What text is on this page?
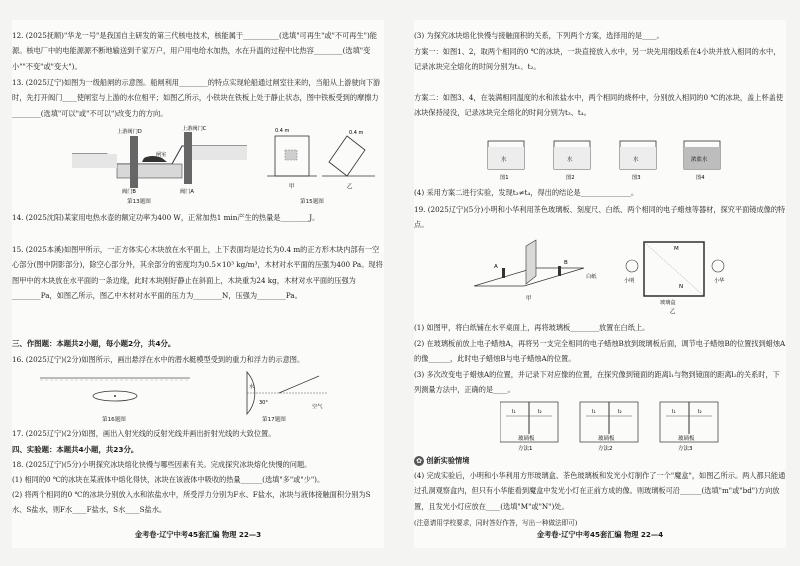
12. (2025抚顺)"华龙一号"是我国自主研发的第三代核电技术，核能属于__________(选填"可再生"或"不可再生")能源。核电厂中的电能源源不断地输送到千家万户，用户用电给水加热，水在升温的过程中比热容________(选填"变小""不变"或"变大")。
13. (2025辽宁)如图为一级船闸的示意图。船闸利用________的特点实现轮船通过闸室往来的，当船从上游驶向下游时，先打开阀门____使闸室与上游的水位相平；如图乙所示，小铁块在铁板上处于静止状态，图中铁板受到的摩擦力________(选填"可以"或"不可以")改变力的方向。
上游阀门D	上游阀门C
闸室
阀门B	阀门A
第13题图
0.4 m
甲
0.4 m
乙
第15题图
14. (2025沈阳)某家用电热水壶的额定功率为400 W，正常加热1 min产生的热量是________J。
15. (2025本溪)如图甲所示，一正方体实心木块放在水平面上，上下表面均是边长为0.4 m的正方形木块内部有一空心部分(图中阴影部分)，除空心部分外，其余部分的密度均为0.5×10³ kg/m³，木材对水平面的压强为400 Pa。现将图甲中的木块放在水平面的一条边缘，此时木块刚好静止在斜面上，木块重为24 kg，木材对水平面的压强为________Pa，如图乙所示，图乙中木材对水平面的压力为________N，压强为________Pa。
三、作图题：本题共2小题，每小题2分，共4分。
16. (2025辽宁)(2分)如图所示，画出悬浮在水中的潜水艇模型受到的重力和浮力的示意图。
第16题图
30°
空气
水
第17题图
17. (2025辽宁)(2分)如图，画出入射光线的反射光线并画出折射光线的大致位置。
四、实验题：本题共4小题，共23分。
18. (2025辽宁)(5分)小明探究冰块熔化快慢与哪些因素有关。完成探究冰块熔化快慢的问题。
(1) 相同的0 ℃的冰块在某液体中熔化得快，冰块在该液体中吸收的热量______(选填"多"或"少")。
(2) 将两个相同的0 ℃的冰块分别放入水和浓盐水中，所受浮力分别为F水、F盐水，冰块与液体接触面积分别为S水、S盐水，则F水____F盐水，S水____S盐水。
金考卷·辽宁中考45套汇编 物理 22—3
(3) 为探究冰块熔化快慢与接触面积的关系，下列两个方案，选择用的是____。
方案一：如图1、2，取两个相同的0 ℃的冰块，一块直接放入水中，另一块先用细线系在4小块并放入相同的水中，记录冰块完全熔化的时间分别为t₁、t₂。
方案二：如图3、4，在装满相同温度的水和浓盐水中，两个相同的烧杯中，分别放入相同的0 ℃的冰块，盖上杯盖使冰块保持浸没，记录冰块完全熔化的时间分别为t₃、t₄。
水	水	水	浓盐水
图1	图2	图3	图4
(4) 采用方案二进行实验，发现t₃≠t₄，得出的结论是______________。
19. (2025辽宁)(5分)小明和小华利用茶色玻璃板、刻度尺、白纸、两个相同的电子蜡烛等器材，探究平面镜成像的特点。
A
B
白纸
甲
M
N
小明	小华
玻璃盒
乙
(1) 如图甲，将白纸铺在水平桌面上，再将玻璃板________放置在白纸上。
(2) 在玻璃板前放上电子蜡烛A，再将另一支完全相同的电子蜡烛B放到玻璃板后面，调节电子蜡烛B的位置找到蜡烛A的像______，此时电子蜡烛B与电子蜡烛A的位置。
(3) 多次改变电子蜡烛A的位置，并记录下对应像的位置，在探究像到镜面的距离l₁与物到镜面的距离l₂的关系时，下列测量方法中，正确的是____。
l₁	l₂	l₁	l₂	l₁	l₂
玻璃板	玻璃板	玻璃板
方法1	方法2	方法3
✿ 创新实验情境
(4) 完成实验后，小明和小华利用方形玻璃盒、茶色玻璃板和发光小灯制作了一个"魔盒"，如图乙所示。两人都只能通过孔洞观察盒内，但只有小华能看到魔盒中发光小灯在正前方成的像。则玻璃板可沿______(选填"m"或"bd")方向放置，且发光小灯应放在____(选填"M"或"N")处。
(注意请用学校要求，同时答好作答，写出一种做法即可)
金考卷·辽宁中考45套汇编 物理 22—4
